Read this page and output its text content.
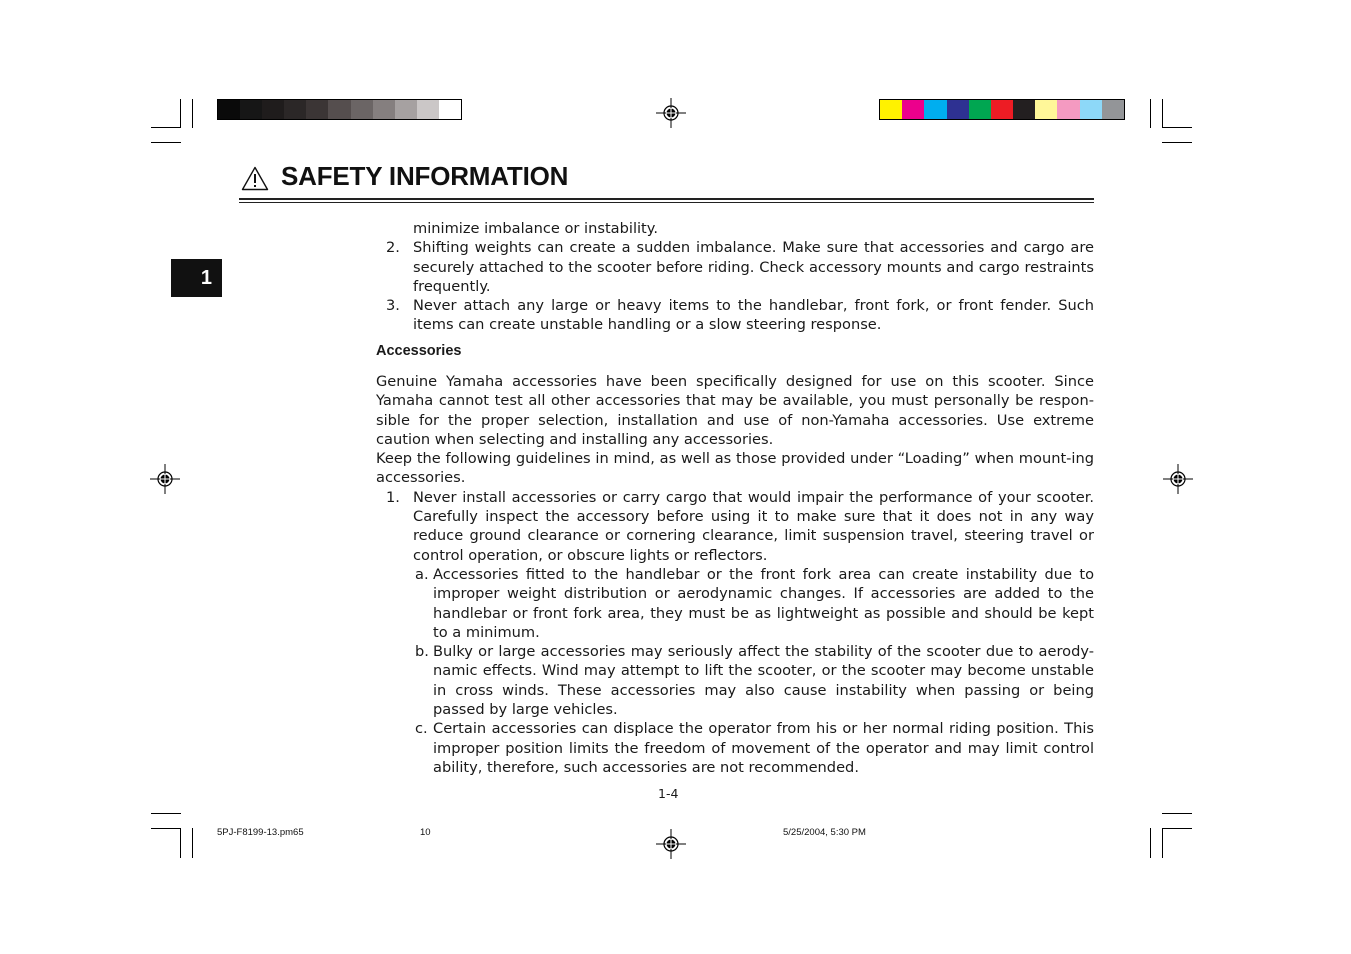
SAFETY INFORMATION
1
minimize imbalance or instability.
2. Shifting weights can create a sudden imbalance. Make sure that accessories and cargo are securely attached to the scooter before riding. Check accessory mounts and cargo restraints frequently.
3. Never attach any large or heavy items to the handlebar, front fork, or front fender. Such items can create unstable handling or a slow steering response.
Accessories

Genuine Yamaha accessories have been specifically designed for use on this scooter. Since Yamaha cannot test all other accessories that may be available, you must personally be respon-sible for the proper selection, installation and use of non-Yamaha accessories. Use extreme caution when selecting and installing any accessories.

Keep the following guidelines in mind, as well as those provided under “Loading” when mount-ing accessories.

1. Never install accessories or carry cargo that would impair the performance of your scooter. Carefully inspect the accessory before using it to make sure that it does not in any way reduce ground clearance or cornering clearance, limit suspension travel, steering travel or control operation, or obscure lights or reflectors.
a. Accessories fitted to the handlebar or the front fork area can create instability due to improper weight distribution or aerodynamic changes. If accessories are added to the handlebar or front fork area, they must be as lightweight as possible and should be kept to a minimum.
b. Bulky or large accessories may seriously affect the stability of the scooter due to aerody-namic effects. Wind may attempt to lift the scooter, or the scooter may become unstable in cross winds. These accessories may also cause instability when passing or being passed by large vehicles.
c. Certain accessories can displace the operator from his or her normal riding position. This improper position limits the freedom of movement of the operator and may limit control ability, therefore, such accessories are not recommended.
1-4
5PJ-F8199-13.pm65	10	5/25/2004, 5:30 PM
